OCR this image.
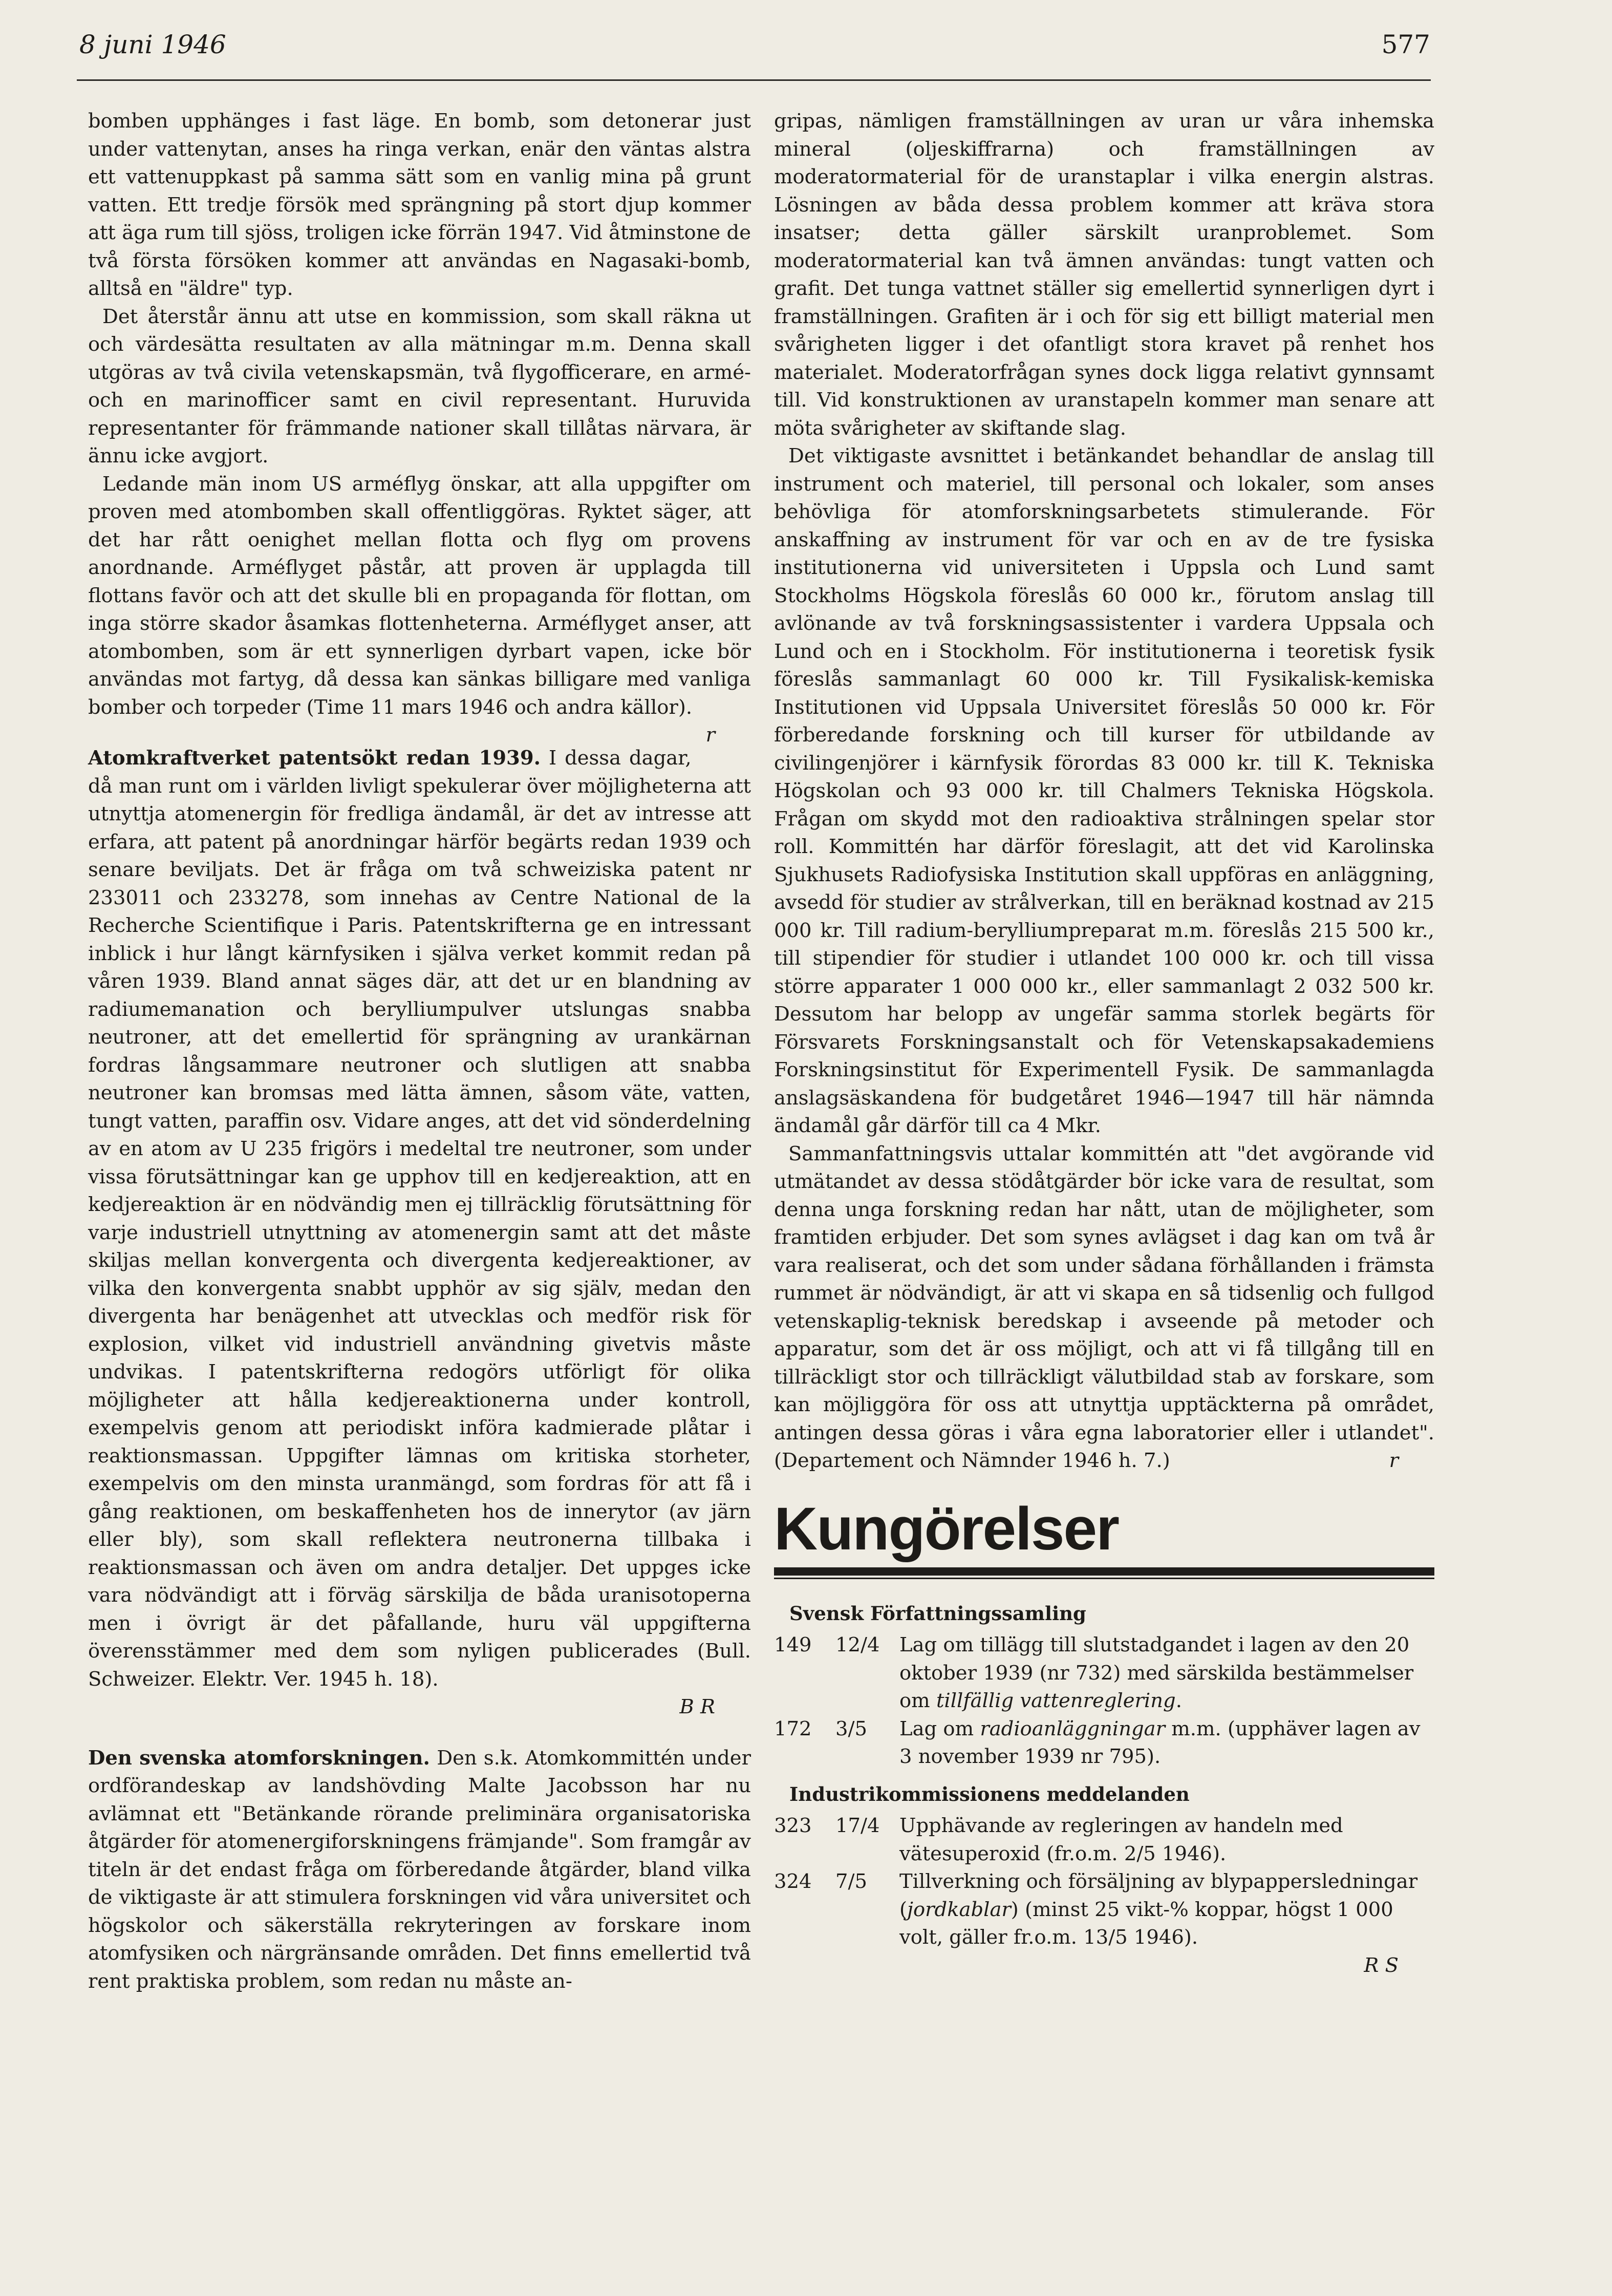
8 juni 1946	577

bomben upphänges i fast läge. En bomb, som detonerar just under vattenytan, anses ha ringa verkan, enär den väntas alstra ett vattenuppkast på samma sätt som en vanlig mina på grunt vatten. Ett tredje försök med sprängning på stort djup kommer att äga rum till sjöss, troligen icke förrän 1947. Vid åtminstone de två första försöken kommer att användas en Nagasaki-bomb, alltså en "äldre" typ.

Det återstår ännu att utse en kommission, som skall räkna ut och värdesätta resultaten av alla mätningar m.m. Denna skall utgöras av två civila vetenskapsmän, två flygofficerare, en armé- och en marinofficer samt en civil representant. Huruvida representanter för främmande nationer skall tillåtas närvara, är ännu icke avgjort.

Ledande män inom US arméflyg önskar, att alla uppgifter om proven med atombomben skall offentliggöras. Ryktet säger, att det har rått oenighet mellan flotta och flyg om provens anordnande. Arméflyget påstår, att proven är upplagda till flottans favör och att det skulle bli en propaganda för flottan, om inga större skador åsamkas flottenheterna. Arméflyget anser, att atombomben, som är ett synnerligen dyrbart vapen, icke bör användas mot fartyg, då dessa kan sänkas billigare med vanliga bomber och torpeder (Time 11 mars 1946 och andra källor).
r

Atomkraftverket patentsökt redan 1939. I dessa dagar, då man runt om i världen livligt spekulerar över möjligheterna att utnyttja atomenergin för fredliga ändamål, är det av intresse att erfara, att patent på anordningar härför begärts redan 1939 och senare beviljats. Det är fråga om två schweiziska patent nr 233011 och 233278, som innehas av Centre National de la Recherche Scientifique i Paris. Patentskrifterna ge en intressant inblick i hur långt kärnfysiken i själva verket kommit redan på våren 1939. Bland annat säges där, att det ur en blandning av radiumemanation och berylliumpulver utslungas snabba neutroner, att det emellertid för sprängning av urankärnan fordras långsammare neutroner och slutligen att snabba neutroner kan bromsas med lätta ämnen, såsom väte, vatten, tungt vatten, paraffin osv. Vidare anges, att det vid sönderdelning av en atom av U 235 frigörs i medeltal tre neutroner, som under vissa förutsättningar kan ge upphov till en kedjereaktion, att en kedjereaktion är en nödvändig men ej tillräcklig förutsättning för varje industriell utnyttning av atomenergin samt att det måste skiljas mellan konvergenta och divergenta kedjereaktioner, av vilka den konvergenta snabbt upphör av sig själv, medan den divergenta har benägenhet att utvecklas och medför risk för explosion, vilket vid industriell användning givetvis måste undvikas. I patentskrifterna redogörs utförligt för olika möjligheter att hålla kedjereaktionerna under kontroll, exempelvis genom att periodiskt införa kadmierade plåtar i reaktionsmassan. Uppgifter lämnas om kritiska storheter, exempelvis om den minsta uranmängd, som fordras för att få i gång reaktionen, om beskaffenheten hos de innerytor (av järn eller bly), som skall reflektera neutronerna tillbaka i reaktionsmassan och även om andra detaljer. Det uppges icke vara nödvändigt att i förväg särskilja de båda uranisotoperna men i övrigt är det påfallande, huru väl uppgifterna överensstämmer med dem som nyligen publicerades (Bull. Schweizer. Elektr. Ver. 1945 h. 18).

B R

Den svenska atomforskningen. Den s.k. Atomkommittén under ordförandeskap av landshövding Malte Jacobsson har nu avlämnat ett "Betänkande rörande preliminära organisatoriska åtgärder för atomenergiforskningens främjande". Som framgår av titeln är det endast fråga om förberedande åtgärder, bland vilka de viktigaste är att stimulera forskningen vid våra universitet och högskolor och säkerställa rekryteringen av forskare inom atomfysiken och närgränsande områden. Det finns emellertid två rent praktiska problem, som redan nu måste an-

gripas, nämligen framställningen av uran ur våra inhemska mineral (oljeskiffrarna) och framställningen av moderatormaterial för de uranstaplar i vilka energin alstras. Lösningen av båda dessa problem kommer att kräva stora insatser; detta gäller särskilt uranproblemet. Som moderatormaterial kan två ämnen användas: tungt vatten och grafit. Det tunga vattnet ställer sig emellertid synnerligen dyrt i framställningen. Grafiten är i och för sig ett billigt material men svårigheten ligger i det ofantligt stora kravet på renhet hos materialet. Moderatorfrågan synes dock ligga relativt gynnsamt till. Vid konstruktionen av uranstapeln kommer man senare att möta svårigheter av skiftande slag.

Det viktigaste avsnittet i betänkandet behandlar de anslag till instrument och materiel, till personal och lokaler, som anses behövliga för atomforskningsarbetets stimulerande. För anskaffning av instrument för var och en av de tre fysiska institutionerna vid universiteten i Uppsla och Lund samt Stockholms Högskola föreslås 60 000 kr., förutom anslag till avlönande av två forskningsassistenter i vardera Uppsala och Lund och en i Stockholm. För institutionerna i teoretisk fysik föreslås sammanlagt 60 000 kr. Till Fysikalisk-kemiska Institutionen vid Uppsala Universitet föreslås 50 000 kr. För förberedande forskning och till kurser för utbildande av civilingenjörer i kärnfysik förordas 83 000 kr. till K. Tekniska Högskolan och 93 000 kr. till Chalmers Tekniska Högskola. Frågan om skydd mot den radioaktiva strålningen spelar stor roll. Kommittén har därför föreslagit, att det vid Karolinska Sjukhusets Radiofysiska Institution skall uppföras en anläggning, avsedd för studier av strålverkan, till en beräknad kostnad av 215 000 kr. Till radium-berylliumpreparat m.m. föreslås 215 500 kr., till stipendier för studier i utlandet 100 000 kr. och till vissa större apparater 1 000 000 kr., eller sammanlagt 2 032 500 kr. Dessutom har belopp av ungefär samma storlek begärts för Försvarets Forskningsanstalt och för Vetenskapsakademiens Forskningsinstitut för Experimentell Fysik. De sammanlagda anslagsäskandena för budgetåret 1946—1947 till här nämnda ändamål går därför till ca 4 Mkr.

Sammanfattningsvis uttalar kommittén att "det avgörande vid utmätandet av dessa stödåtgärder bör icke vara de resultat, som denna unga forskning redan har nått, utan de möjligheter, som framtiden erbjuder. Det som synes avlägset i dag kan om två år vara realiserat, och det som under sådana förhållanden i främsta rummet är nödvändigt, är att vi skapa en så tidsenlig och fullgod vetenskaplig-teknisk beredskap i avseende på metoder och apparatur, som det är oss möjligt, och att vi få tillgång till en tillräckligt stor och tillräckligt välutbildad stab av forskare, som kan möjliggöra för oss att utnyttja upptäckterna på området, antingen dessa göras i våra egna laboratorier eller i utlandet". (Departement och Nämnder 1946 h. 7.)	r

Kungörelser
Svensk Författningssamling
149	12/4	Lag om tillägg till slutstadgandet i lagen av den 20 oktober 1939 (nr 732) med särskilda bestämmelser om tillfällig vattenreglering.
172	3/5	Lag om radioanläggningar m.m. (upphäver lagen av 3 november 1939 nr 795).
Industrikommissionens meddelanden
323	17/4	Upphävande av regleringen av handeln med vätesuperoxid (fr.o.m. 2/5 1946).
324	7/5	Tillverkning och försäljning av blypappersledningar (jordkablar) (minst 25 vikt-% koppar, högst 1 000 volt, gäller fr.o.m. 13/5 1946).
R S
